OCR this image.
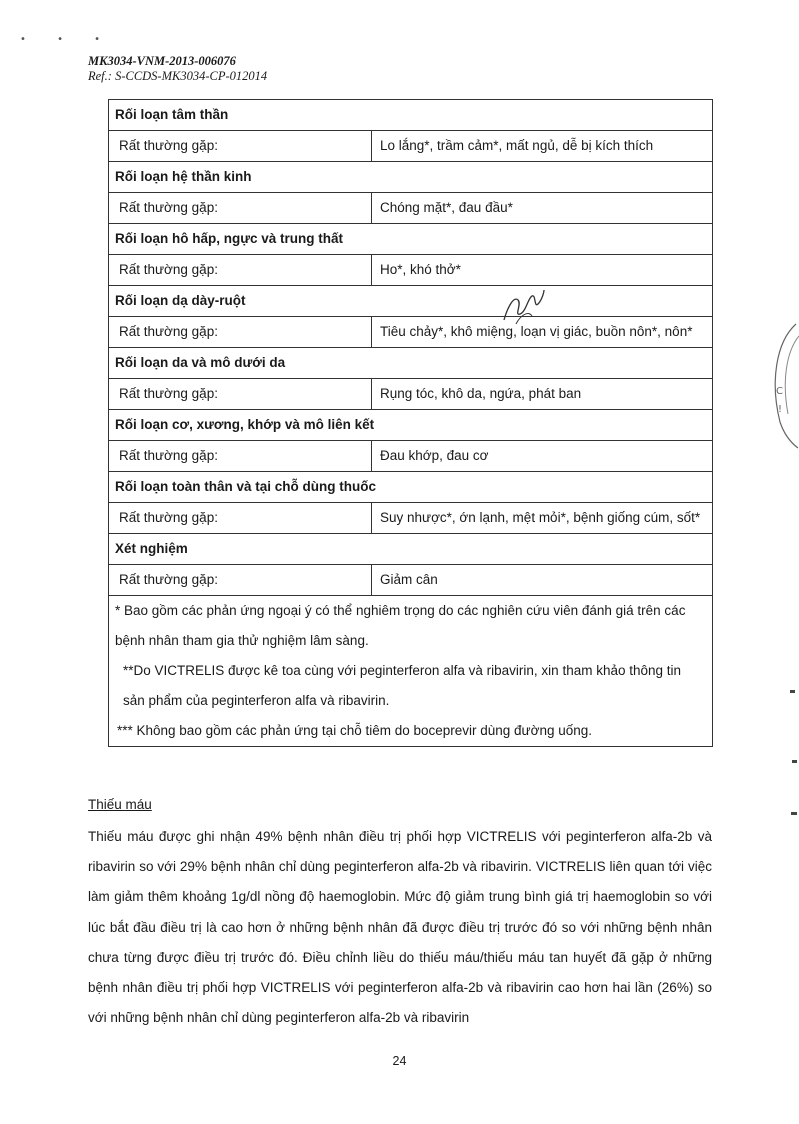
• • •
MK3034-VNM-2013-006076
Ref.: S-CCDS-MK3034-CP-012014
Rối loạn tâm thần	
Rất thường gặp:	Lo lắng*, trầm cảm*, mất ngủ, dễ bị kích thích
Rối loạn hệ thần kinh	
Rất thường gặp:	Chóng mặt*, đau đầu*
Rối loạn hô hấp, ngực và trung thất	
Rất thường gặp:	Ho*, khó thở*
Rối loạn dạ dày-ruột	
Rất thường gặp:	Tiêu chảy*, khô miệng, loạn vị giác, buồn nôn*, nôn*
Rối loạn da và mô dưới da	
Rất thường gặp:	Rụng tóc, khô da, ngứa, phát ban
Rối loạn cơ, xương, khớp và mô liên kết	
Rất thường gặp:	Đau khớp, đau cơ
Rối loạn toàn thân và tại chỗ dùng thuốc	
Rất thường gặp:	Suy nhược*, ớn lạnh, mệt mỏi*, bệnh giống cúm, sốt*
Xét nghiệm	
Rất thường gặp:	Giảm cân

* Bao gồm các phản ứng ngoại ý có thể nghiêm trọng do các nghiên cứu viên đánh giá trên các bệnh nhân tham gia thử nghiệm lâm sàng.

**Do VICTRELIS được kê toa cùng với peginterferon alfa và ribavirin, xin tham khảo thông tin sản phẩm của peginterferon alfa và ribavirin.

*** Không bao gồm các phản ứng tại chỗ tiêm do boceprevir dùng đường uống.	

Thiếu máu

Thiếu máu được ghi nhận 49% bệnh nhân điều trị phối hợp VICTRELIS với peginterferon alfa-2b và ribavirin so với 29% bệnh nhân chỉ dùng peginterferon alfa-2b và ribavirin. VICTRELIS liên quan tới việc làm giảm thêm khoảng 1g/dl nồng độ haemoglobin. Mức độ giảm trung bình giá trị haemoglobin so với lúc bắt đầu điều trị là cao hơn ở những bệnh nhân đã được điều trị trước đó so với những bệnh nhân chưa từng được điều trị trước đó. Điều chỉnh liều do thiếu máu/thiếu máu tan huyết đã gặp ở những bệnh nhân điều trị phối hợp VICTRELIS với peginterferon alfa-2b và ribavirin cao hơn hai lần (26%) so với những bệnh nhân chỉ dùng peginterferon alfa-2b và ribavirin

24
C
!
